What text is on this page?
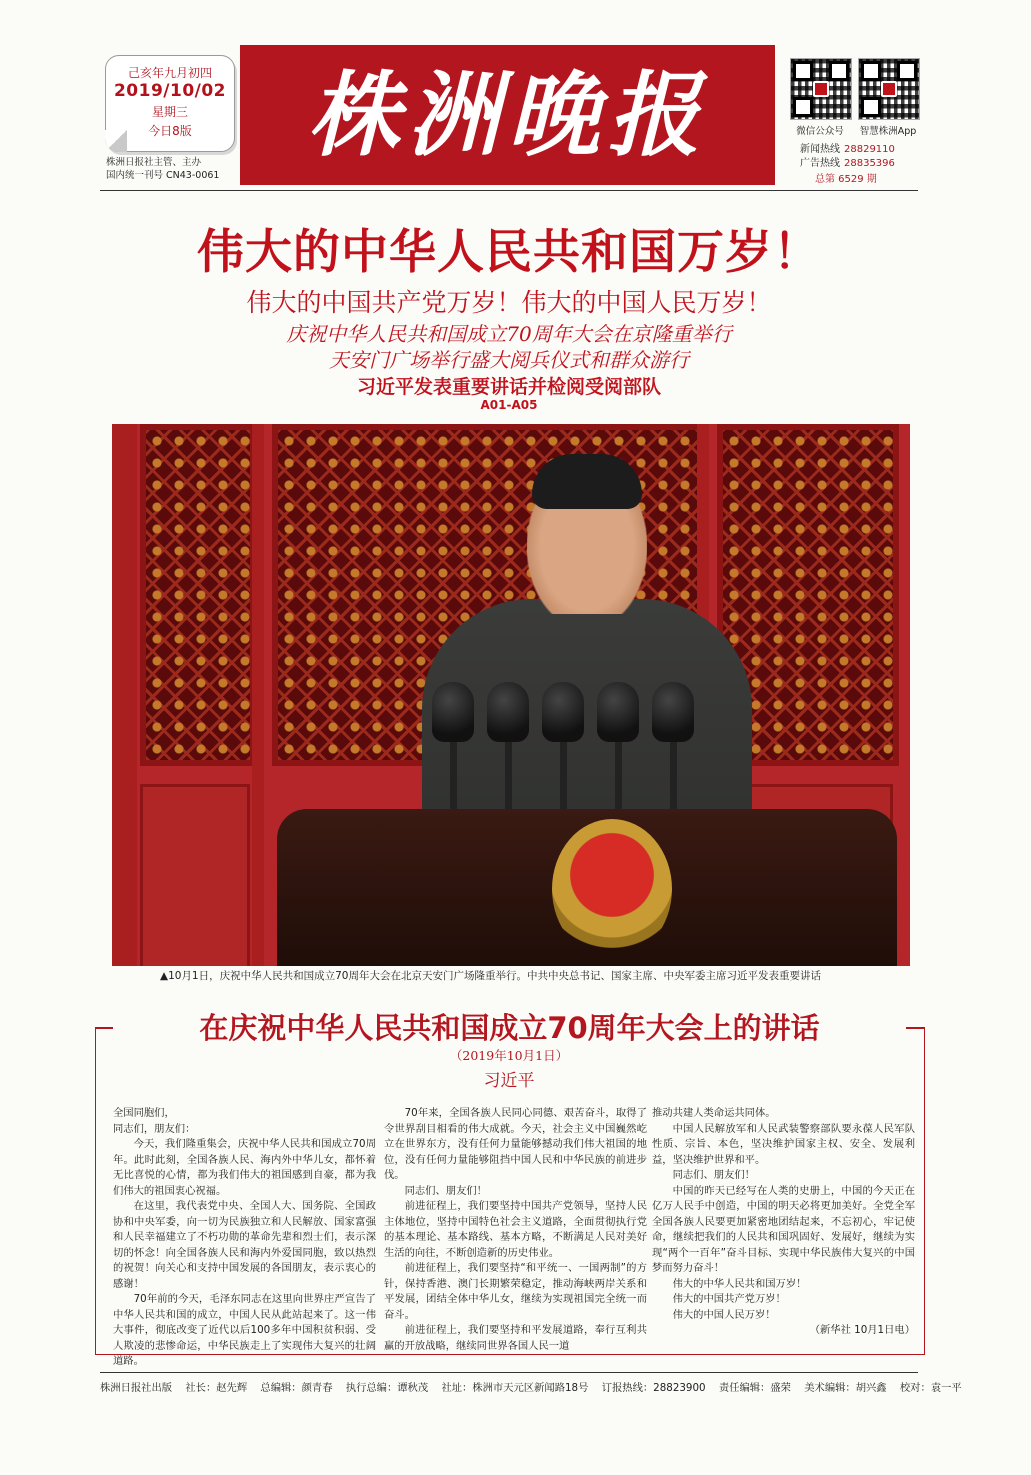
己亥年九月初四
2019/10/02
星期三
今日8版
株洲日报社主管、主办
国内统一刊号 CN43-0061
株洲晚报	微信公众号	智慧株洲App
新闻热线 28829110
广告热线 28835396
总第 6529 期
伟大的中华人民共和国万岁！
伟大的中国共产党万岁！伟大的中国人民万岁！
庆祝中华人民共和国成立70周年大会在京隆重举行
天安门广场举行盛大阅兵仪式和群众游行
习近平发表重要讲话并检阅受阅部队
A01-A05
▲10月1日，庆祝中华人民共和国成立70周年大会在北京天安门广场隆重举行。中共中央总书记、国家主席、中央军委主席习近平发表重要讲话
在庆祝中华人民共和国成立70周年大会上的讲话
（2019年10月1日）
习近平

全国同胞们，

同志们，朋友们：

今天，我们隆重集会，庆祝中华人民共和国成立70周年。此时此刻，全国各族人民、海内外中华儿女，都怀着无比喜悦的心情，都为我们伟大的祖国感到自豪，都为我们伟大的祖国衷心祝福。

在这里，我代表党中央、全国人大、国务院、全国政协和中央军委，向一切为民族独立和人民解放、国家富强和人民幸福建立了不朽功勋的革命先辈和烈士们，表示深切的怀念！向全国各族人民和海内外爱国同胞，致以热烈的祝贺！向关心和支持中国发展的各国朋友，表示衷心的感谢！

70年前的今天，毛泽东同志在这里向世界庄严宣告了中华人民共和国的成立，中国人民从此站起来了。这一伟大事件，彻底改变了近代以后100多年中国积贫积弱、受人欺凌的悲惨命运，中华民族走上了实现伟大复兴的壮阔道路。

70年来，全国各族人民同心同德、艰苦奋斗，取得了令世界刮目相看的伟大成就。今天，社会主义中国巍然屹立在世界东方，没有任何力量能够撼动我们伟大祖国的地位，没有任何力量能够阻挡中国人民和中华民族的前进步伐。

同志们、朋友们！

前进征程上，我们要坚持中国共产党领导，坚持人民主体地位，坚持中国特色社会主义道路，全面贯彻执行党的基本理论、基本路线、基本方略，不断满足人民对美好生活的向往，不断创造新的历史伟业。

前进征程上，我们要坚持“和平统一、一国两制”的方针，保持香港、澳门长期繁荣稳定，推动海峡两岸关系和平发展，团结全体中华儿女，继续为实现祖国完全统一而奋斗。

前进征程上，我们要坚持和平发展道路，奉行互利共赢的开放战略，继续同世界各国人民一道

推动共建人类命运共同体。

中国人民解放军和人民武装警察部队要永葆人民军队性质、宗旨、本色，坚决维护国家主权、安全、发展利益，坚决维护世界和平。

同志们、朋友们！

中国的昨天已经写在人类的史册上，中国的今天正在亿万人民手中创造，中国的明天必将更加美好。全党全军全国各族人民要更加紧密地团结起来，不忘初心，牢记使命，继续把我们的人民共和国巩固好、发展好，继续为实现“两个一百年”奋斗目标、实现中华民族伟大复兴的中国梦而努力奋斗！

伟大的中华人民共和国万岁！

伟大的中国共产党万岁！

伟大的中国人民万岁！

（新华社 10月1日电）

株洲日报社出版 社长：赵先辉 总编辑：颜青春 执行总编：谭秋茂 社址：株洲市天元区新闻路18号 订报热线：28823900 责任编辑：盛荣 美术编辑：胡兴鑫 校对：袁一平
